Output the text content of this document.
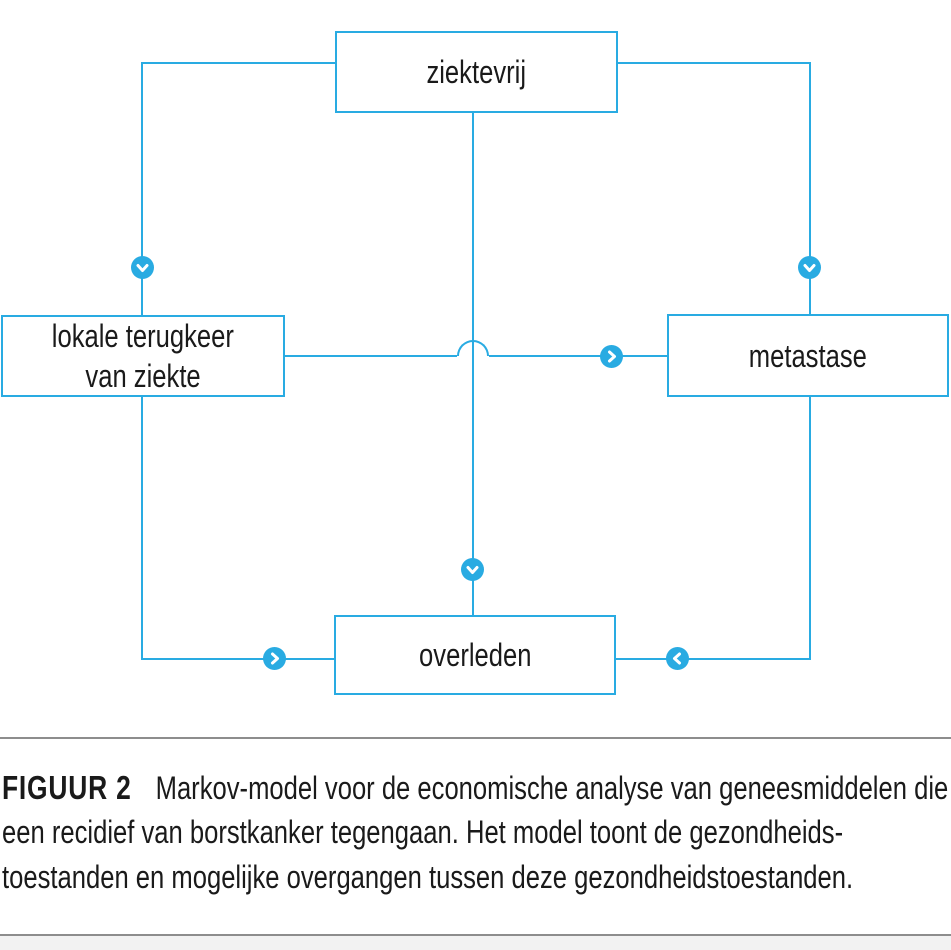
ziektevrij
lokale terugkeer
van ziekte
metastase
overleden
FIGUUR 2 Markov-model voor de economische analyse van geneesmiddelen die
een recidief van borstkanker tegengaan. Het model toont de gezondheids-
toestanden en mogelijke overgangen tussen deze gezondheidstoestanden.
